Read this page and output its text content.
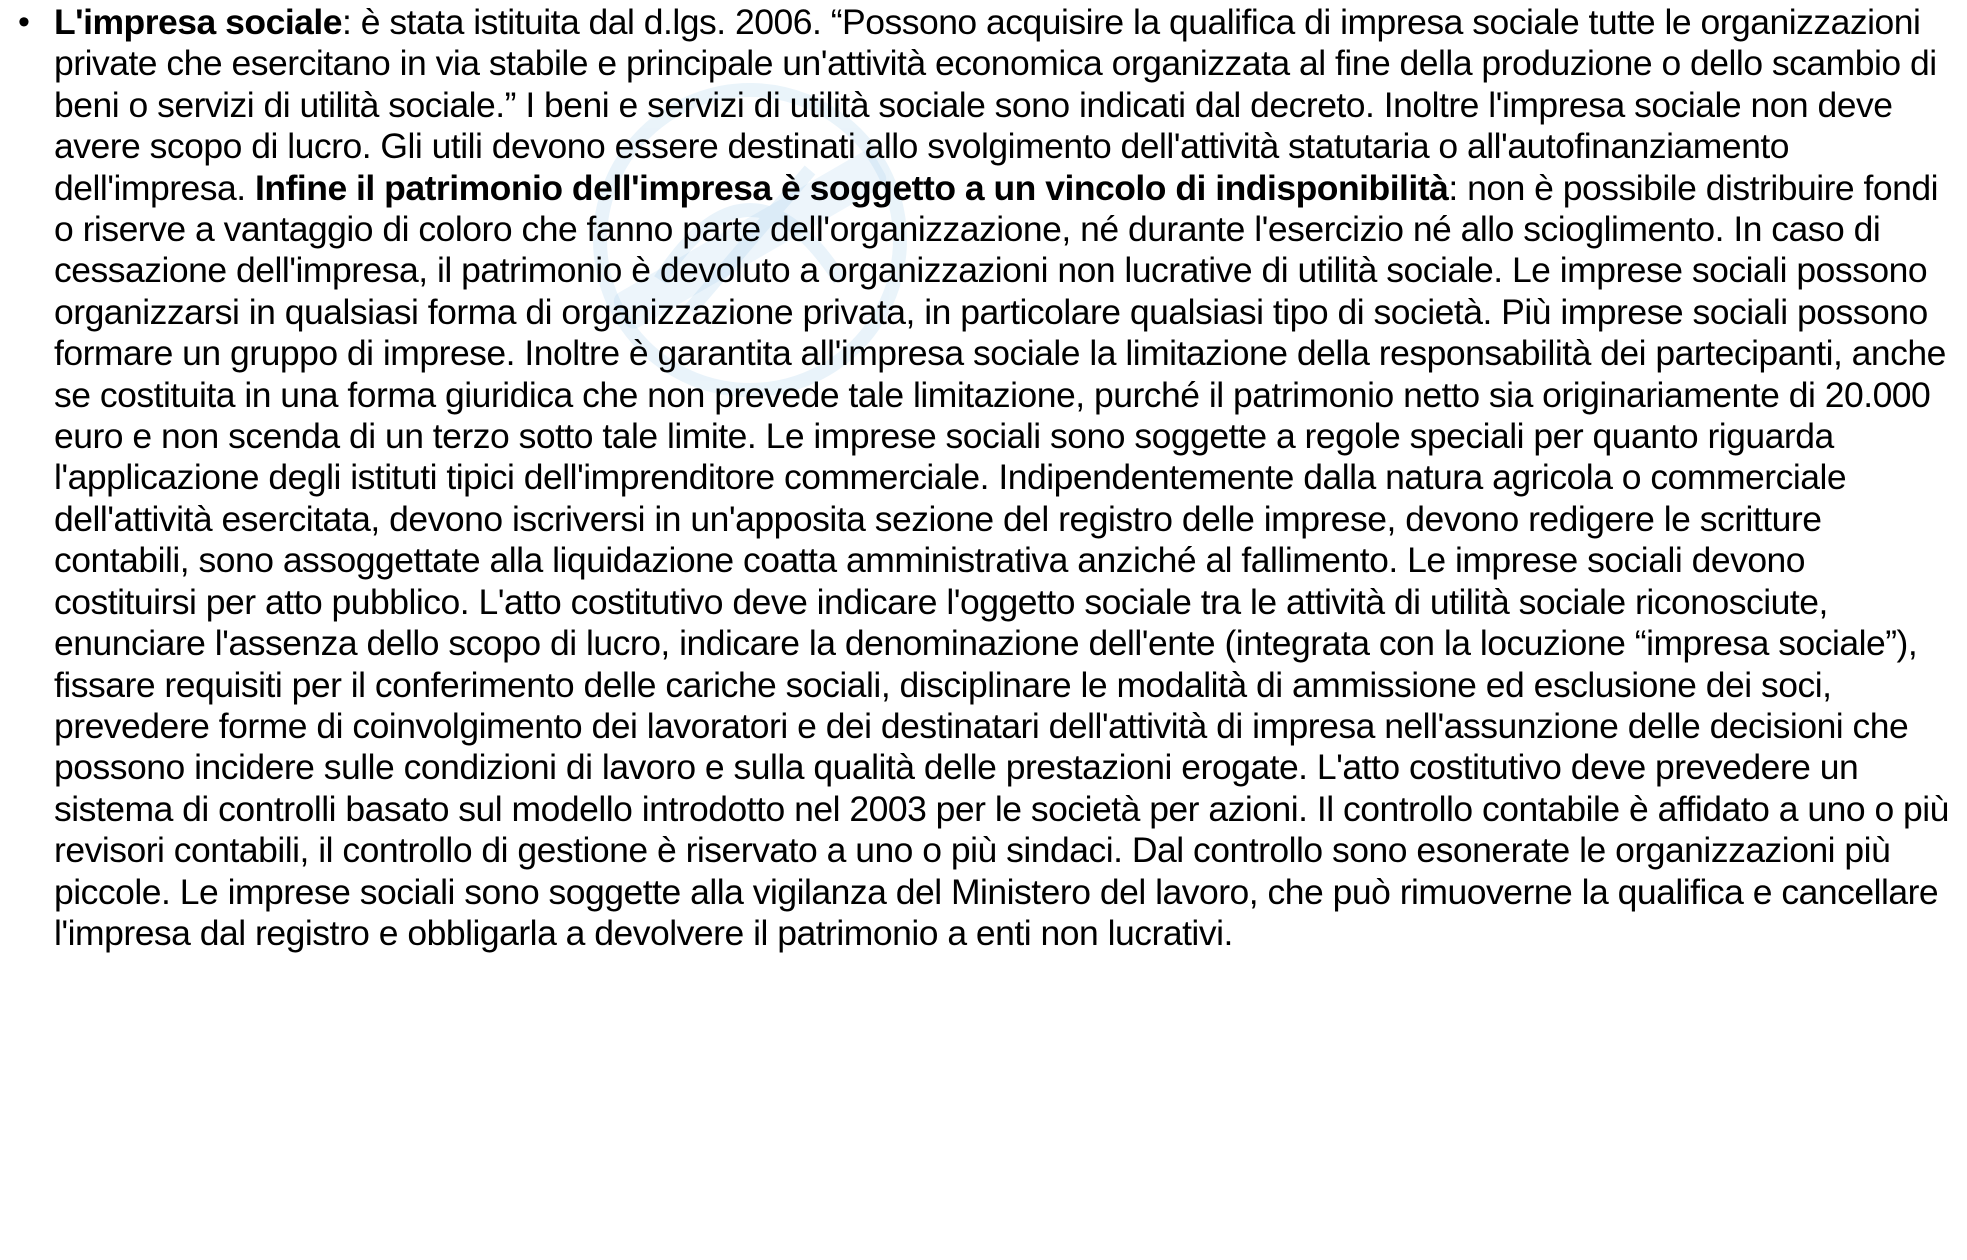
• L'impresa sociale: è stata istituita dal d.lgs. 2006. “Possono acquisire la qualifica di impresa sociale tutte le organizzazioni private che esercitano in via stabile e principale un'attività economica organizzata al fine della produzione o dello scambio di beni o servizi di utilità sociale.” I beni e servizi di utilità sociale sono indicati dal decreto. Inoltre l'impresa sociale non deve avere scopo di lucro. Gli utili devono essere destinati allo svolgimento dell'attività statutaria o all'autofinanziamento dell'impresa. Infine il patrimonio dell'impresa è soggetto a un vincolo di indisponibilità: non è possibile distribuire fondi o riserve a vantaggio di coloro che fanno parte dell'organizzazione, né durante l'esercizio né allo scioglimento. In caso di cessazione dell'impresa, il patrimonio è devoluto a organizzazioni non lucrative di utilità sociale. Le imprese sociali possono organizzarsi in qualsiasi forma di organizzazione privata, in particolare qualsiasi tipo di società. Più imprese sociali possono formare un gruppo di imprese. Inoltre è garantita all'impresa sociale la limitazione della responsabilità dei partecipanti, anche se costituita in una forma giuridica che non prevede tale limitazione, purché il patrimonio netto sia originariamente di 20.000 euro e non scenda di un terzo sotto tale limite. Le imprese sociali sono soggette a regole speciali per quanto riguarda l'applicazione degli istituti tipici dell'imprenditore commerciale. Indipendentemente dalla natura agricola o commerciale dell'attività esercitata, devono iscriversi in un'apposita sezione del registro delle imprese, devono redigere le scritture contabili, sono assoggettate alla liquidazione coatta amministrativa anziché al fallimento. Le imprese sociali devono costituirsi per atto pubblico. L'atto costitutivo deve indicare l'oggetto sociale tra le attività di utilità sociale riconosciute, enunciare l'assenza dello scopo di lucro, indicare la denominazione dell'ente (integrata con la locuzione “impresa sociale”), fissare requisiti per il conferimento delle cariche sociali, disciplinare le modalità di ammissione ed esclusione dei soci, prevedere forme di coinvolgimento dei lavoratori e dei destinatari dell'attività di impresa nell'assunzione delle decisioni che possono incidere sulle condizioni di lavoro e sulla qualità delle prestazioni erogate. L'atto costitutivo deve prevedere un sistema di controlli basato sul modello introdotto nel 2003 per le società per azioni. Il controllo contabile è affidato a uno o più revisori contabili, il controllo di gestione è riservato a uno o più sindaci. Dal controllo sono esonerate le organizzazioni più piccole. Le imprese sociali sono soggette alla vigilanza del Ministero del lavoro, che può rimuoverne la qualifica e cancellare l'impresa dal registro e obbligarla a devolvere il patrimonio a enti non lucrativi.
